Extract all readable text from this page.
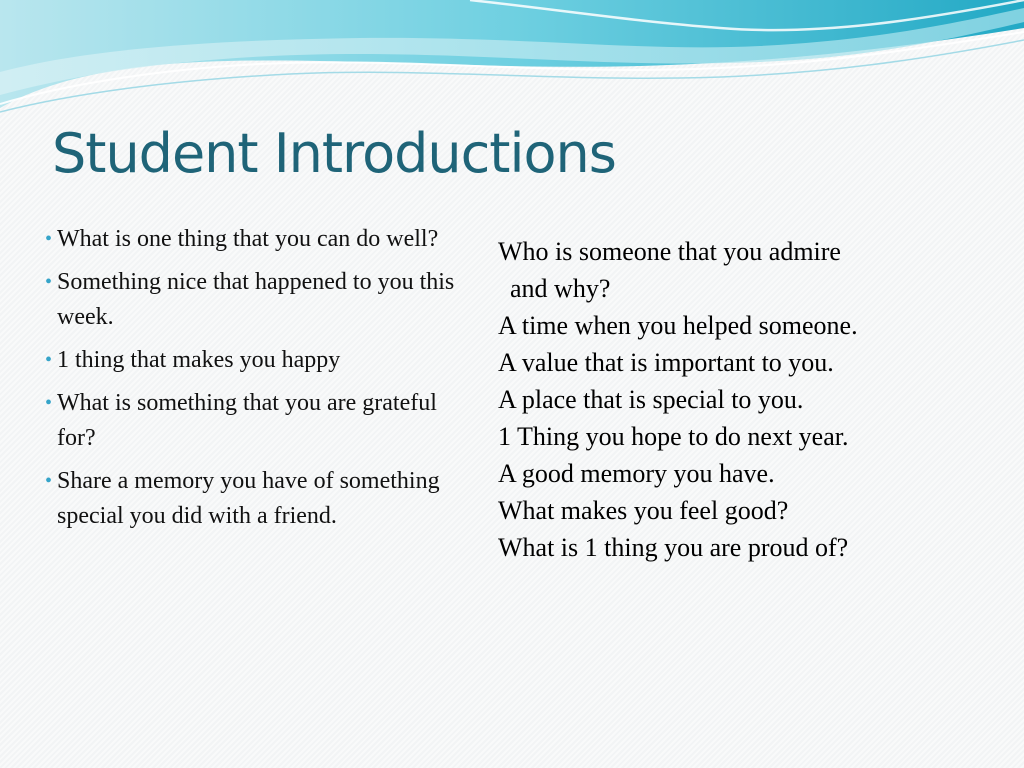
Student Introductions
• What is one thing that you can do well?
• Something nice that happened to you this week.
• 1 thing that makes you happy
• What is something that you are grateful for?
• Share a memory you have of something special you did with a friend.
Who is someone that you admire
and why?
A time when you helped someone.
A value that is important to you.
A place that is special to you.
1 Thing you hope to do next year.
A good memory you have.
What makes you feel good?
What is 1 thing you are proud of?
